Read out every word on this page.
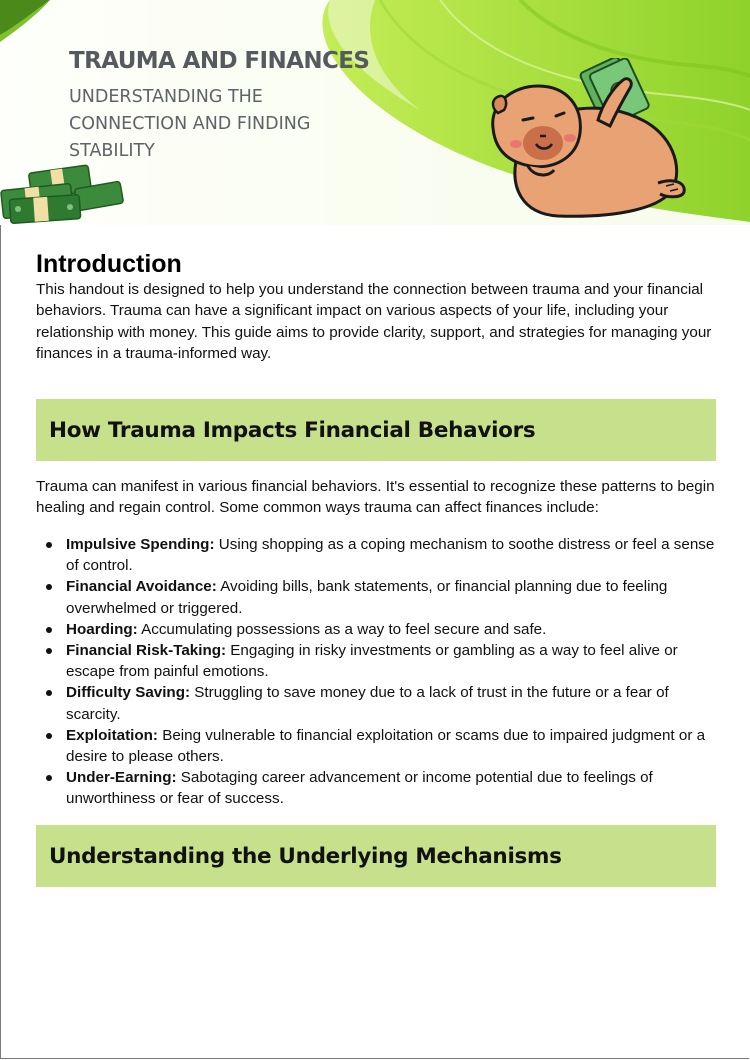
TRAUMA AND FINANCES

UNDERSTANDING THE CONNECTION AND FINDING STABILITY

Introduction

This handout is designed to help you understand the connection between trauma and your financial behaviors. Trauma can have a significant impact on various aspects of your life, including your relationship with money. This guide aims to provide clarity, support, and strategies for managing your finances in a trauma-informed way.

How Trauma Impacts Financial Behaviors

Trauma can manifest in various financial behaviors. It's essential to recognize these patterns to begin healing and regain control. Some common ways trauma can affect finances include:

Impulsive Spending: Using shopping as a coping mechanism to soothe distress or feel a sense of control.
Financial Avoidance: Avoiding bills, bank statements, or financial planning due to feeling overwhelmed or triggered.
Hoarding: Accumulating possessions as a way to feel secure and safe.
Financial Risk-Taking: Engaging in risky investments or gambling as a way to feel alive or escape from painful emotions.
Difficulty Saving: Struggling to save money due to a lack of trust in the future or a fear of scarcity.
Exploitation: Being vulnerable to financial exploitation or scams due to impaired judgment or a desire to please others.
Under-Earning: Sabotaging career advancement or income potential due to feelings of unworthiness or fear of success.
Understanding the Underlying Mechanisms
